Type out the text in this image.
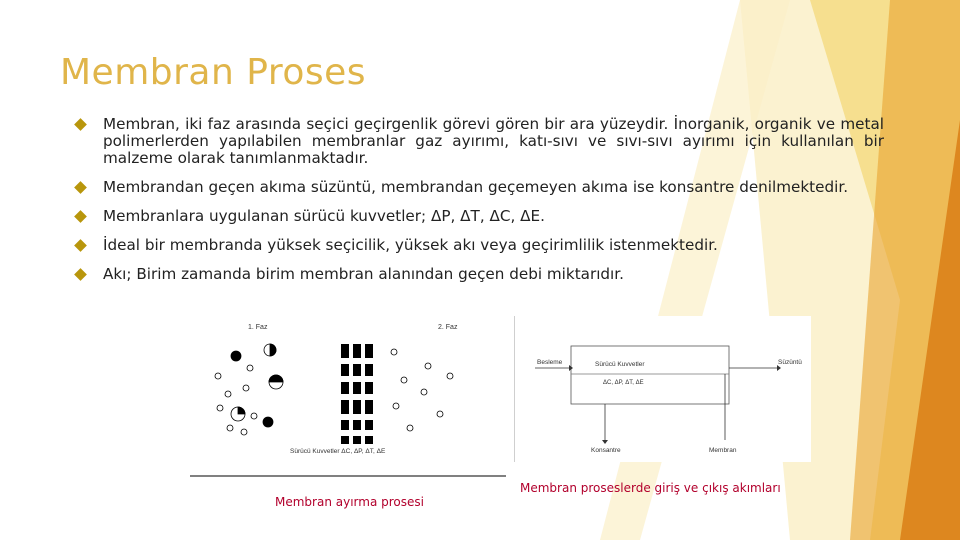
Membran Proses
Membran, iki faz arasında seçici geçirgenlik görevi gören bir ara yüzeydir. İnorganik, organik ve metal polimerlerden yapılabilen membranlar gaz ayırımı, katı-sıvı ve sıvı-sıvı ayırımı için kullanılan bir malzeme olarak tanımlanmaktadır.
Membrandan geçen akıma süzüntü, membrandan geçemeyen akıma ise konsantre denilmektedir.
Membranlara uygulanan sürücü kuvvetler; ΔP, ΔT, ΔC, ΔE.
İdeal bir membranda yüksek seçicilik, yüksek akı veya geçirimlilik istenmektedir.
Akı; Birim zamanda birim membran alanından geçen debi miktarıdır.
1. Faz	2. Faz
Sürücü Kuvvetler ΔC, ΔP, ΔT, ΔE
Besleme	Sürücü Kuvvetler
ΔC, ΔP, ΔT, ΔE
Süzüntü
Konsantre	Membran
Membran ayırma prosesi
Membran proseslerde giriş ve çıkış akımları
